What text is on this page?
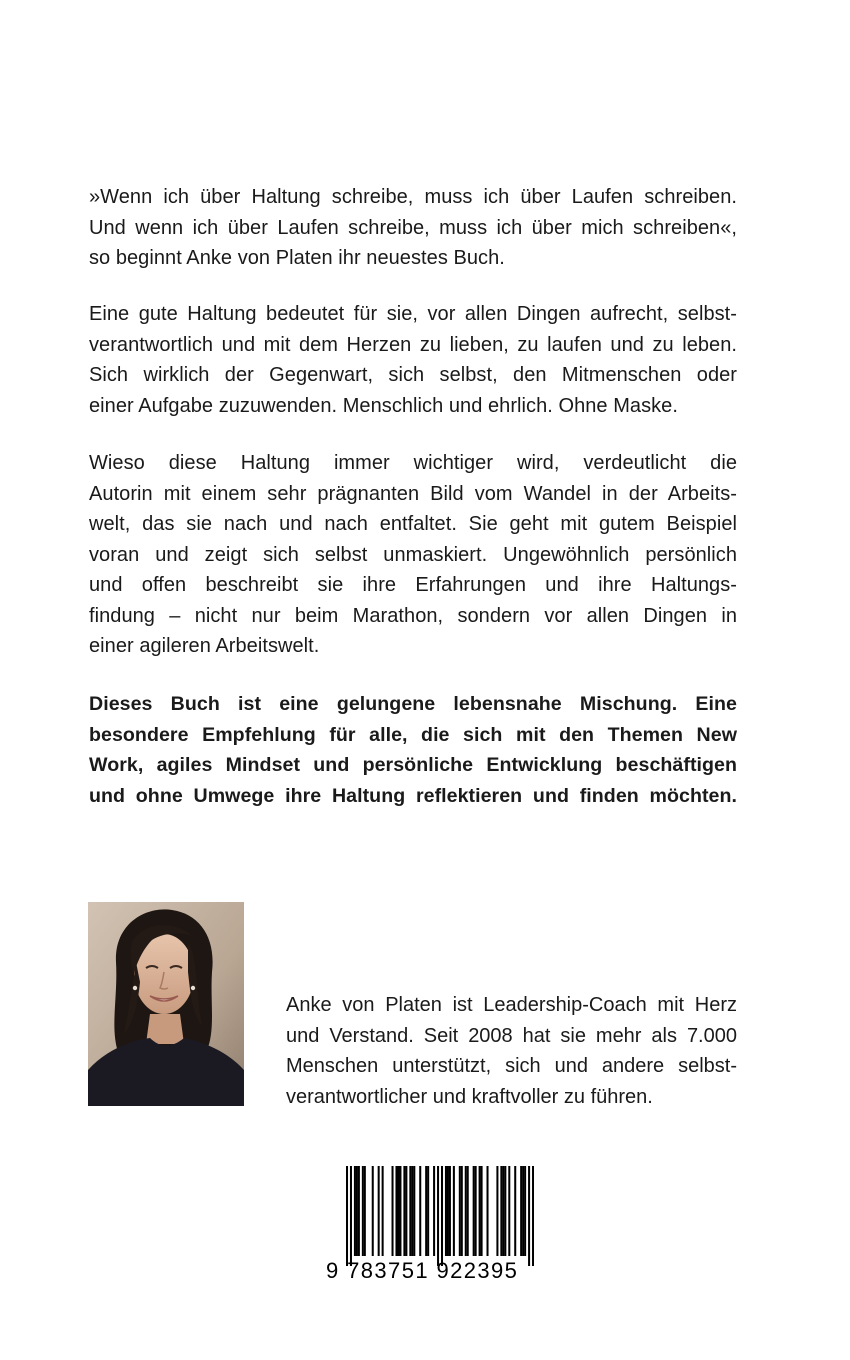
»Wenn ich über Haltung schreibe, muss ich über Laufen schreiben.
Und wenn ich über Laufen schreibe, muss ich über mich schreiben«,
so beginnt Anke von Platen ihr neuestes Buch.
Eine gute Haltung bedeutet für sie, vor allen Dingen aufrecht, selbst-
verantwortlich und mit dem Herzen zu lieben, zu laufen und zu leben.
Sich wirklich der Gegenwart, sich selbst, den Mitmenschen oder
einer Aufgabe zuzuwenden. Menschlich und ehrlich. Ohne Maske.
Wieso diese Haltung immer wichtiger wird, verdeutlicht die
Autorin mit einem sehr prägnanten Bild vom Wandel in der Arbeits-
welt, das sie nach und nach entfaltet. Sie geht mit gutem Beispiel
voran und zeigt sich selbst unmaskiert. Ungewöhnlich persönlich
und offen beschreibt sie ihre Erfahrungen und ihre Haltungs-
findung – nicht nur beim Marathon, sondern vor allen Dingen in
einer agileren Arbeitswelt.
Dieses Buch ist eine gelungene lebensnahe Mischung. Eine
besondere Empfehlung für alle, die sich mit den Themen New
Work, agiles Mindset und persönliche Entwicklung beschäftigen
und ohne Umwege ihre Haltung reflektieren und finden möchten.
Anke von Platen ist Leadership-Coach mit Herz
und Verstand. Seit 2008 hat sie mehr als 7.000
Menschen unterstützt, sich und andere selbst-
verantwortlicher und kraftvoller zu führen.
9 783751 922395
